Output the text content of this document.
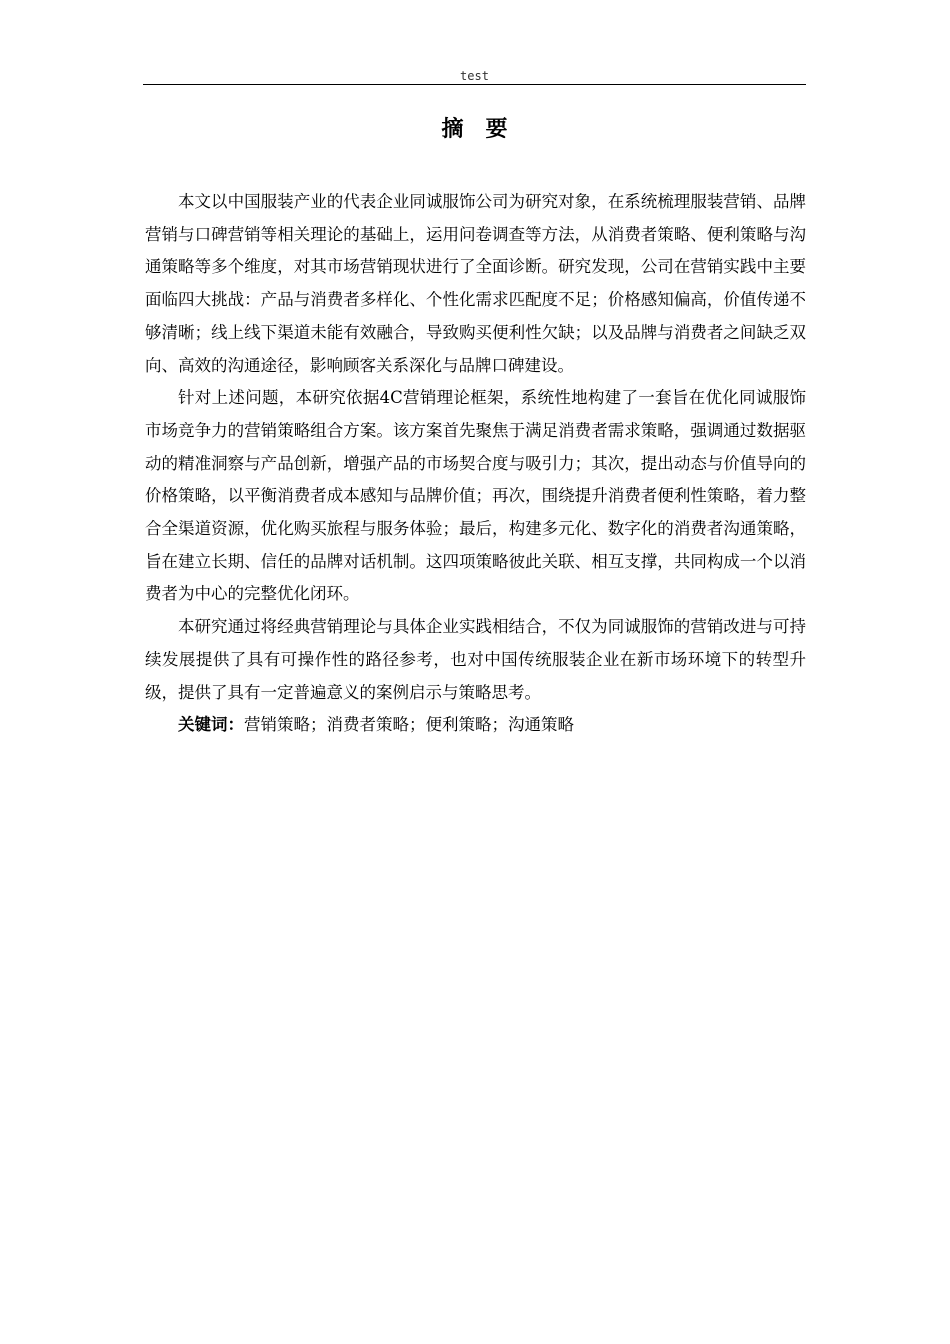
test
摘　要

本文以中国服装产业的代表企业同诚服饰公司为研究对象，在系统梳理服装营销、品牌营销与口碑营销等相关理论的基础上，运用问卷调查等方法，从消费者策略、便利策略与沟通策略等多个维度，对其市场营销现状进行了全面诊断。研究发现，公司在营销实践中主要面临四大挑战：产品与消费者多样化、个性化需求匹配度不足；价格感知偏高，价值传递不够清晰；线上线下渠道未能有效融合，导致购买便利性欠缺；以及品牌与消费者之间缺乏双向、高效的沟通途径，影响顾客关系深化与品牌口碑建设。

针对上述问题，本研究依据4C营销理论框架，系统性地构建了一套旨在优化同诚服饰市场竞争力的营销策略组合方案。该方案首先聚焦于满足消费者需求策略，强调通过数据驱动的精准洞察与产品创新，增强产品的市场契合度与吸引力；其次，提出动态与价值导向的价格策略，以平衡消费者成本感知与品牌价值；再次，围绕提升消费者便利性策略，着力整合全渠道资源，优化购买旅程与服务体验；最后，构建多元化、数字化的消费者沟通策略，旨在建立长期、信任的品牌对话机制。这四项策略彼此关联、相互支撑，共同构成一个以消费者为中心的完整优化闭环。

本研究通过将经典营销理论与具体企业实践相结合，不仅为同诚服饰的营销改进与可持续发展提供了具有可操作性的路径参考，也对中国传统服装企业在新市场环境下的转型升级，提供了具有一定普遍意义的案例启示与策略思考。

关键词：营销策略；消费者策略；便利策略；沟通策略
